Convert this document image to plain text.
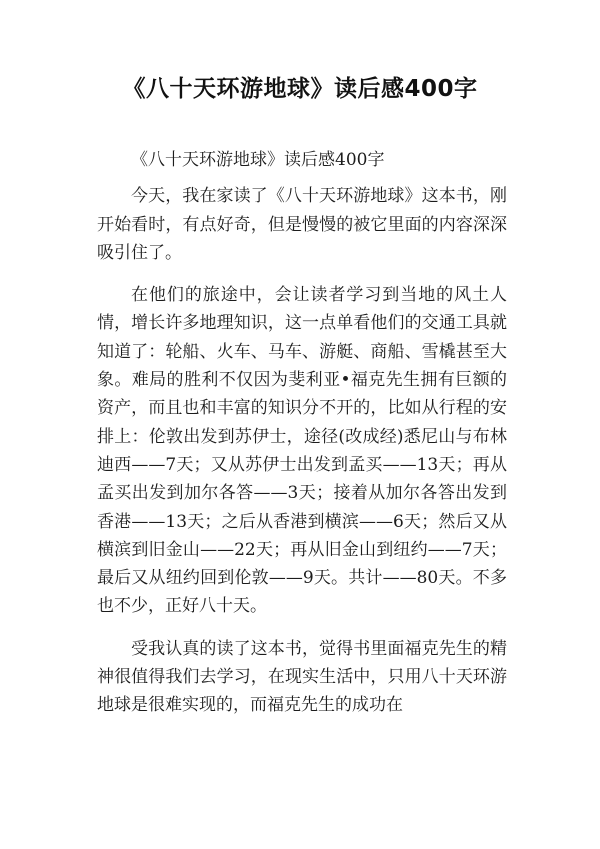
《八十天环游地球》读后感400字

《八十天环游地球》读后感400字

今天，我在家读了《八十天环游地球》这本书，刚开始看时，有点好奇，但是慢慢的被它里面的内容深深吸引住了。

在他们的旅途中，会让读者学习到当地的风土人情，增长许多地理知识，这一点单看他们的交通工具就知道了：轮船、火车、马车、游艇、商船、雪橇甚至大象。难局的胜利不仅因为斐利亚•福克先生拥有巨额的资产，而且也和丰富的知识分不开的，比如从行程的安排上：伦敦出发到苏伊士，途径(改成经)悉尼山与布林迪西——7天；又从苏伊士出发到孟买——13天；再从孟买出发到加尔各答——3天；接着从加尔各答出发到香港——13天；之后从香港到横滨——6天；然后又从横滨到旧金山——22天；再从旧金山到纽约——7天；最后又从纽约回到伦敦——9天。共计——80天。不多也不少，正好八十天。

受我认真的读了这本书，觉得书里面福克先生的精神很值得我们去学习，在现实生活中，只用八十天环游地球是很难实现的，而福克先生的成功在
